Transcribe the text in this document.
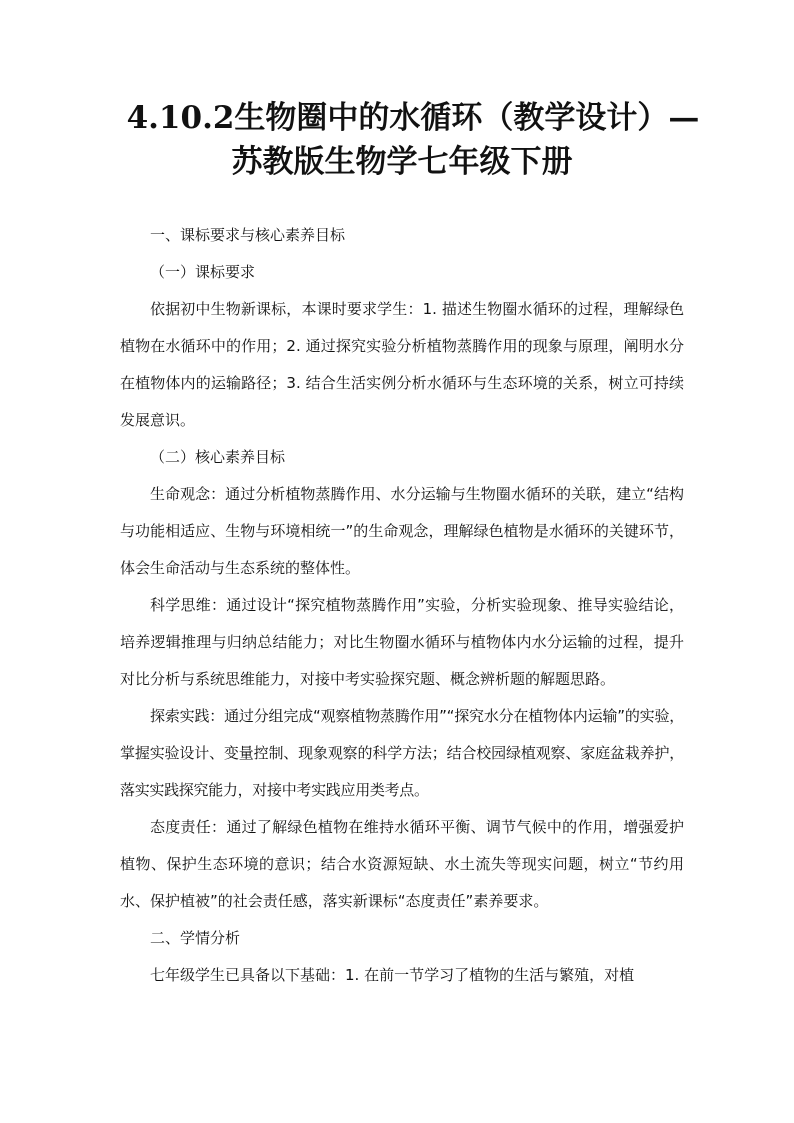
4.10.2生物圈中的水循环（教学设计）—
苏教版生物学七年级下册

一、课标要求与核心素养目标

（一）课标要求

依据初中生物新课标，本课时要求学生：1. 描述生物圈水循环的过程，理解绿色植物在水循环中的作用；2. 通过探究实验分析植物蒸腾作用的现象与原理，阐明水分在植物体内的运输路径；3. 结合生活实例分析水循环与生态环境的关系，树立可持续发展意识。

（二）核心素养目标

生命观念：通过分析植物蒸腾作用、水分运输与生物圈水循环的关联，建立“结构与功能相适应、生物与环境相统一”的生命观念，理解绿色植物是水循环的关键环节，体会生命活动与生态系统的整体性。

科学思维：通过设计“探究植物蒸腾作用”实验，分析实验现象、推导实验结论，培养逻辑推理与归纳总结能力；对比生物圈水循环与植物体内水分运输的过程，提升对比分析与系统思维能力，对接中考实验探究题、概念辨析题的解题思路。

探索实践：通过分组完成“观察植物蒸腾作用”“探究水分在植物体内运输”的实验，掌握实验设计、变量控制、现象观察的科学方法；结合校园绿植观察、家庭盆栽养护，落实实践探究能力，对接中考实践应用类考点。

态度责任：通过了解绿色植物在维持水循环平衡、调节气候中的作用，增强爱护植物、保护生态环境的意识；结合水资源短缺、水土流失等现实问题，树立“节约用水、保护植被”的社会责任感，落实新课标“态度责任”素养要求。

二、学情分析

七年级学生已具备以下基础：1. 在前一节学习了植物的生活与繁殖，对植
